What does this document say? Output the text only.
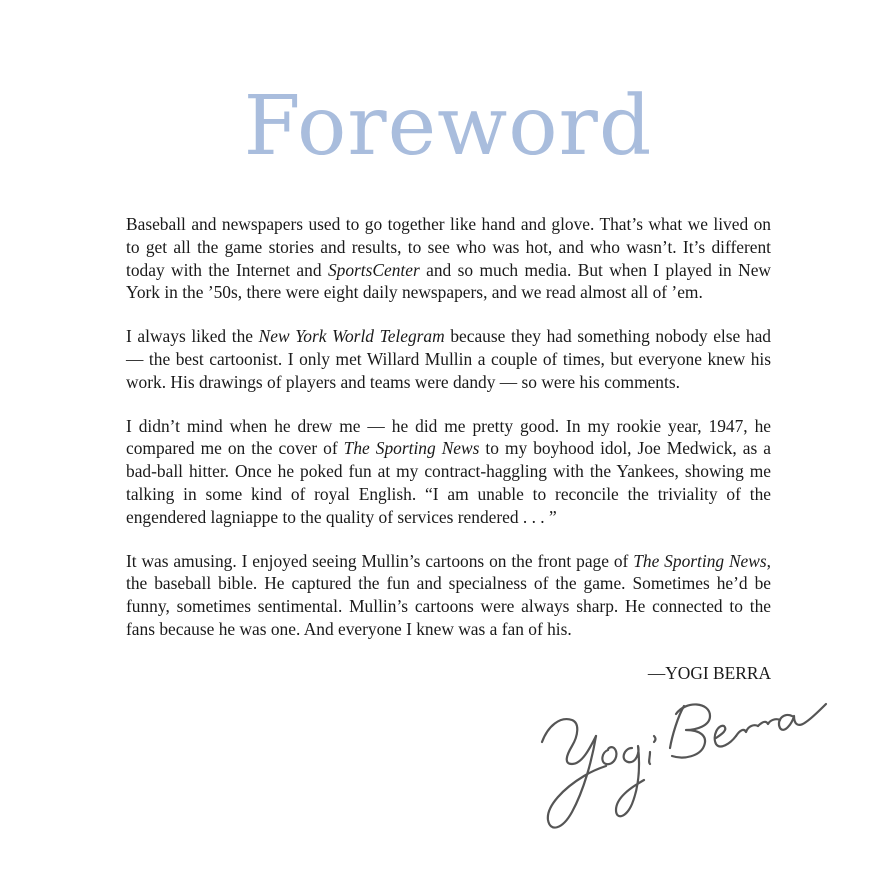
Foreword

Baseball and newspapers used to go together like hand and glove. That’s what we lived on to get all the game stories and results, to see who was hot, and who wasn’t. It’s different today with the Internet and SportsCenter and so much media. But when I played in New York in the ’50s, there were eight daily newspapers, and we read almost all of ’em.

I always liked the New York World Telegram because they had something nobody else had — the best cartoonist. I only met Willard Mullin a couple of times, but everyone knew his work. His drawings of players and teams were dandy — so were his comments.

I didn’t mind when he drew me — he did me pretty good. In my rookie year, 1947, he compared me on the cover of The Sporting News to my boyhood idol, Joe Medwick, as a bad-ball hitter. Once he poked fun at my contract-haggling with the Yankees, showing me talking in some kind of royal English. “I am unable to reconcile the triviality of the engendered lagniappe to the quality of services rendered . . . ”

It was amusing. I enjoyed seeing Mullin’s cartoons on the front page of The Sporting News, the baseball bible. He captured the fun and specialness of the game. Sometimes he’d be funny, sometimes sentimental. Mullin’s cartoons were always sharp. He connected to the fans because he was one. And everyone I knew was a fan of his.

—YOGI BERRA
